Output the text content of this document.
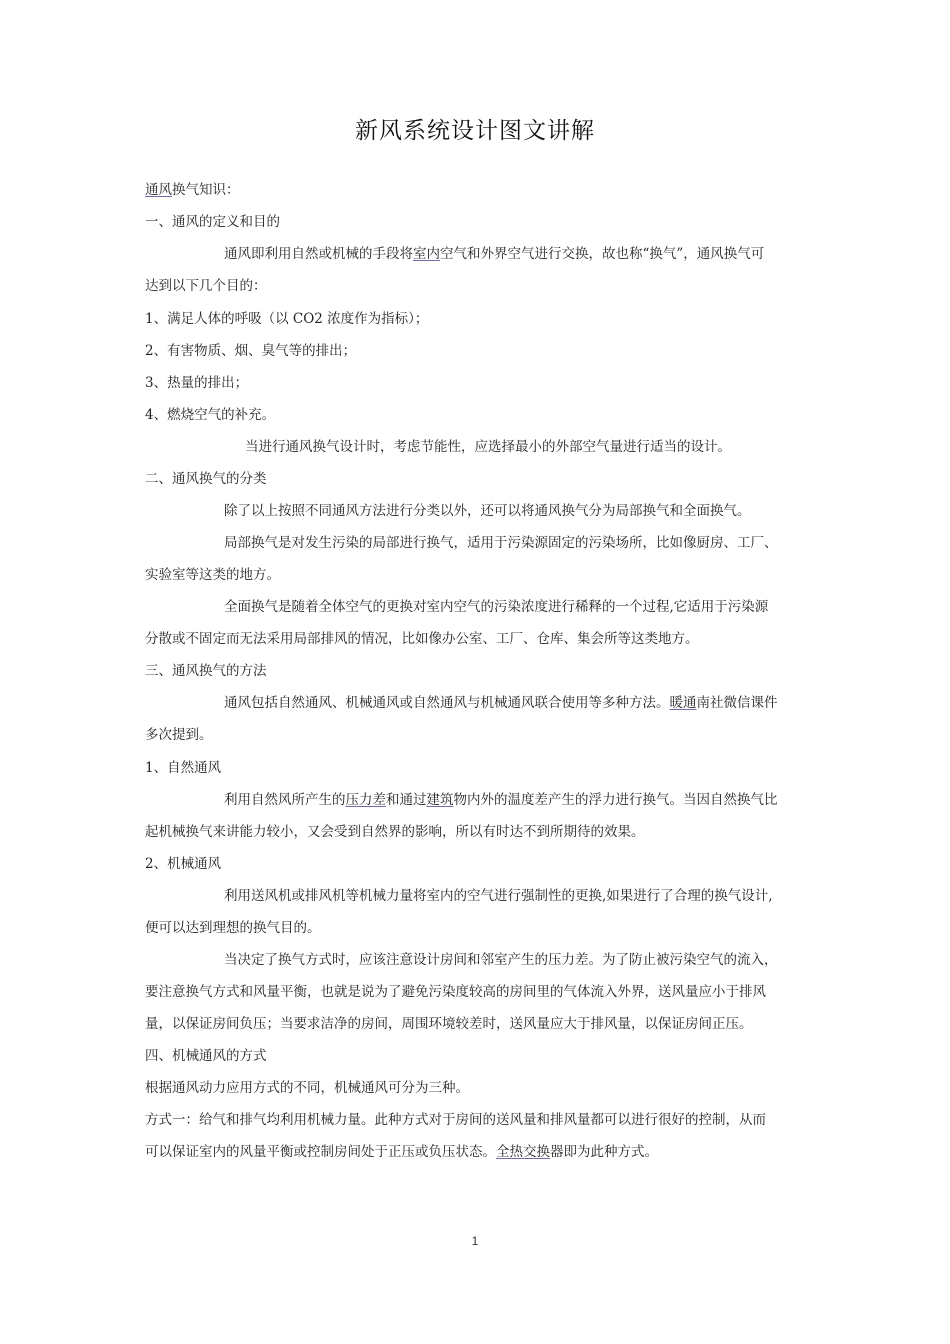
新风系统设计图文讲解
通风换气知识：
一、通风的定义和目的
通风即利用自然或机械的手段将室内空气和外界空气进行交换，故也称“换气”，通风换气可
达到以下几个目的：
1、满足人体的呼吸（以 CO2 浓度作为指标）；
2、有害物质、烟、臭气等的排出；
3、热量的排出；
4、燃烧空气的补充。
当进行通风换气设计时，考虑节能性，应选择最小的外部空气量进行适当的设计。
二、通风换气的分类
除了以上按照不同通风方法进行分类以外，还可以将通风换气分为局部换气和全面换气。
局部换气是对发生污染的局部进行换气，适用于污染源固定的污染场所，比如像厨房、工厂、
实验室等这类的地方。
全面换气是随着全体空气的更换对室内空气的污染浓度进行稀释的一个过程,它适用于污染源
分散或不固定而无法采用局部排风的情况，比如像办公室、工厂、仓库、集会所等这类地方。
三、通风换气的方法
通风包括自然通风、机械通风或自然通风与机械通风联合使用等多种方法。暖通南社微信课件
多次提到。
1、自然通风
利用自然风所产生的压力差和通过建筑物内外的温度差产生的浮力进行换气。当因自然换气比
起机械换气来讲能力较小，又会受到自然界的影响，所以有时达不到所期待的效果。
2、机械通风
利用送风机或排风机等机械力量将室内的空气进行强制性的更换,如果进行了合理的换气设计,
便可以达到理想的换气目的。
当决定了换气方式时，应该注意设计房间和邻室产生的压力差。为了防止被污染空气的流入，
要注意换气方式和风量平衡，也就是说为了避免污染度较高的房间里的气体流入外界，送风量应小于排风
量，以保证房间负压；当要求洁净的房间，周围环境较差时，送风量应大于排风量，以保证房间正压。
四、机械通风的方式
根据通风动力应用方式的不同，机械通风可分为三种。
方式一：给气和排气均利用机械力量。此种方式对于房间的送风量和排风量都可以进行很好的控制，从而
可以保证室内的风量平衡或控制房间处于正压或负压状态。全热交换器即为此种方式。
1
